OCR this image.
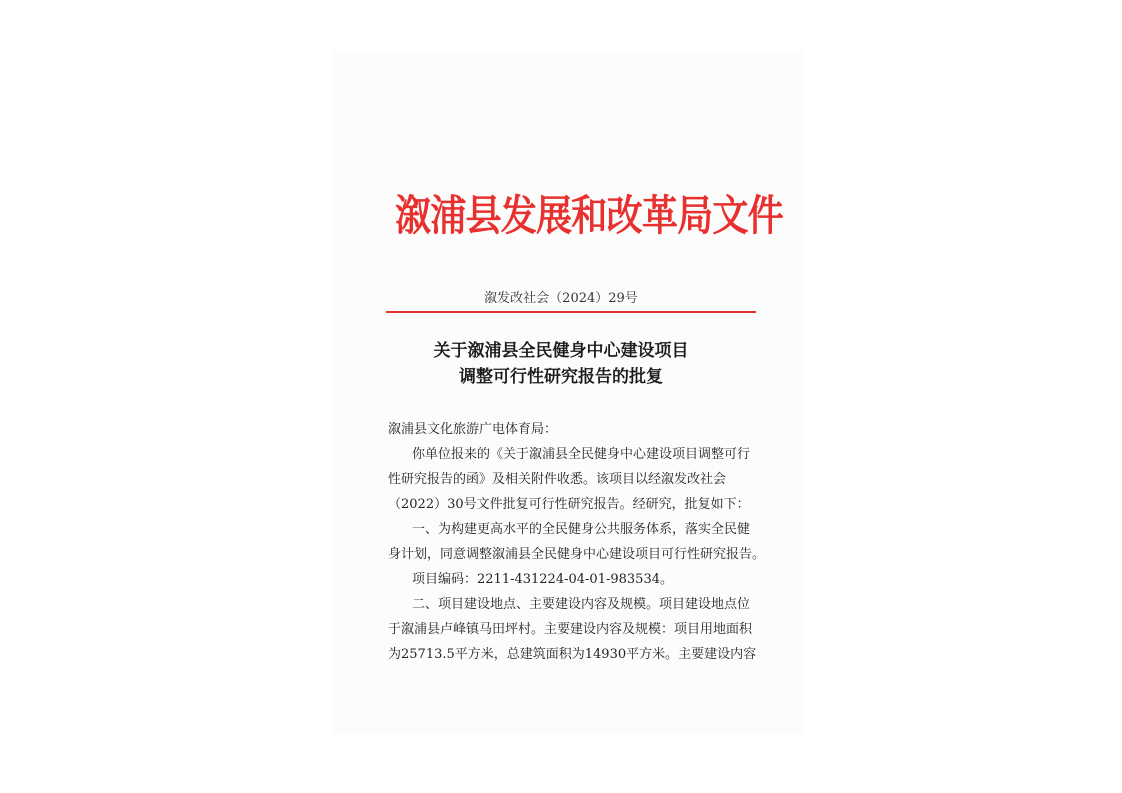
溆浦县发展和改革局文件
溆发改社会（2024）29号
关于溆浦县全民健身中心建设项目
调整可行性研究报告的批复
溆浦县文化旅游广电体育局：
你单位报来的《关于溆浦县全民健身中心建设项目调整可行
性研究报告的函》及相关附件收悉。该项目以经溆发改社会
（2022）30号文件批复可行性研究报告。经研究，批复如下：
一、为构建更高水平的全民健身公共服务体系，落实全民健
身计划，同意调整溆浦县全民健身中心建设项目可行性研究报告。
项目编码：2211-431224-04-01-983534。
二、项目建设地点、主要建设内容及规模。项目建设地点位
于溆浦县卢峰镇马田坪村。主要建设内容及规模：项目用地面积
为25713.5平方米，总建筑面积为14930平方米。主要建设内容
